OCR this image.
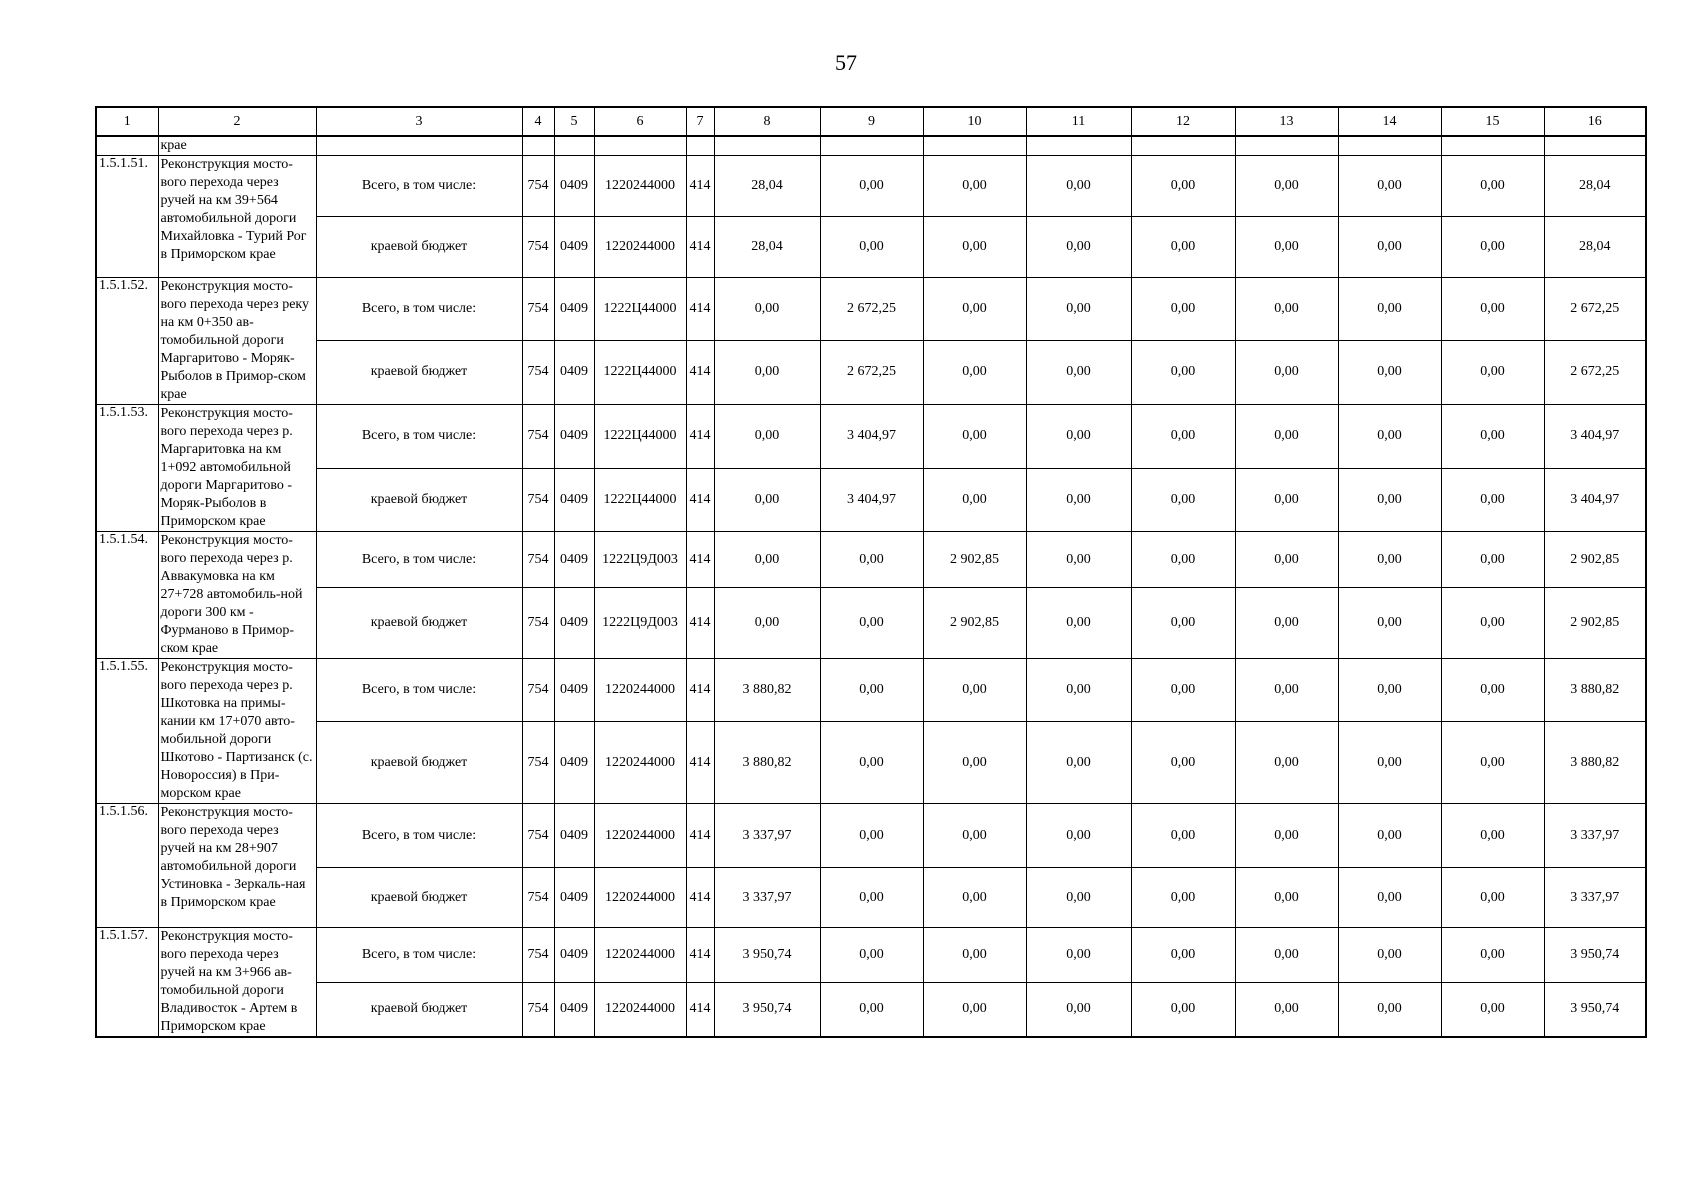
57
1	2	3	4	5	6	7	8	9	10	11	12	13	14	15	16
	крае														
1.5.1.51.	Реконструкция мосто-вого перехода через ручей на км 39+564 автомобильной дороги Михайловка - Турий Рог в Приморском крае	Всего, в том числе:	754	0409	1220244000	414	28,04	0,00	0,00	0,00	0,00	0,00	0,00	0,00	28,04
		краевой бюджет	754	0409	1220244000	414	28,04	0,00	0,00	0,00	0,00	0,00	0,00	0,00	28,04
1.5.1.52.	Реконструкция мосто-вого перехода через реку на км 0+350 ав-томобильной дороги Маргаритово - Моряк-Рыболов в Примор-ском крае	Всего, в том числе:	754	0409	1222Ц44000	414	0,00	2 672,25	0,00	0,00	0,00	0,00	0,00	0,00	2 672,25
		краевой бюджет	754	0409	1222Ц44000	414	0,00	2 672,25	0,00	0,00	0,00	0,00	0,00	0,00	2 672,25
1.5.1.53.	Реконструкция мосто-вого перехода через р. Маргаритовка на км 1+092 автомобильной дороги Маргаритово - Моряк-Рыболов в Приморском крае	Всего, в том числе:	754	0409	1222Ц44000	414	0,00	3 404,97	0,00	0,00	0,00	0,00	0,00	0,00	3 404,97
		краевой бюджет	754	0409	1222Ц44000	414	0,00	3 404,97	0,00	0,00	0,00	0,00	0,00	0,00	3 404,97
1.5.1.54.	Реконструкция мосто-вого перехода через р. Аввакумовка на км 27+728 автомобиль-ной дороги 300 км - Фурманово в Примор-ском крае	Всего, в том числе:	754	0409	1222Ц9Д003	414	0,00	0,00	2 902,85	0,00	0,00	0,00	0,00	0,00	2 902,85
		краевой бюджет	754	0409	1222Ц9Д003	414	0,00	0,00	2 902,85	0,00	0,00	0,00	0,00	0,00	2 902,85
1.5.1.55.	Реконструкция мосто-вого перехода через р. Шкотовка на примы-кании км 17+070 авто-мобильной дороги Шкотово - Партизанск (с. Новороссия) в При-морском крае	Всего, в том числе:	754	0409	1220244000	414	3 880,82	0,00	0,00	0,00	0,00	0,00	0,00	0,00	3 880,82
		краевой бюджет	754	0409	1220244000	414	3 880,82	0,00	0,00	0,00	0,00	0,00	0,00	0,00	3 880,82
1.5.1.56.	Реконструкция мосто-вого перехода через ручей на км 28+907 автомобильной дороги Устиновка - Зеркаль-ная в Приморском крае	Всего, в том числе:	754	0409	1220244000	414	3 337,97	0,00	0,00	0,00	0,00	0,00	0,00	0,00	3 337,97
		краевой бюджет	754	0409	1220244000	414	3 337,97	0,00	0,00	0,00	0,00	0,00	0,00	0,00	3 337,97
1.5.1.57.	Реконструкция мосто-вого перехода через ручей на км 3+966 ав-томобильной дороги Владивосток - Артем в Приморском крае	Всего, в том числе:	754	0409	1220244000	414	3 950,74	0,00	0,00	0,00	0,00	0,00	0,00	0,00	3 950,74
		краевой бюджет	754	0409	1220244000	414	3 950,74	0,00	0,00	0,00	0,00	0,00	0,00	0,00	3 950,74
